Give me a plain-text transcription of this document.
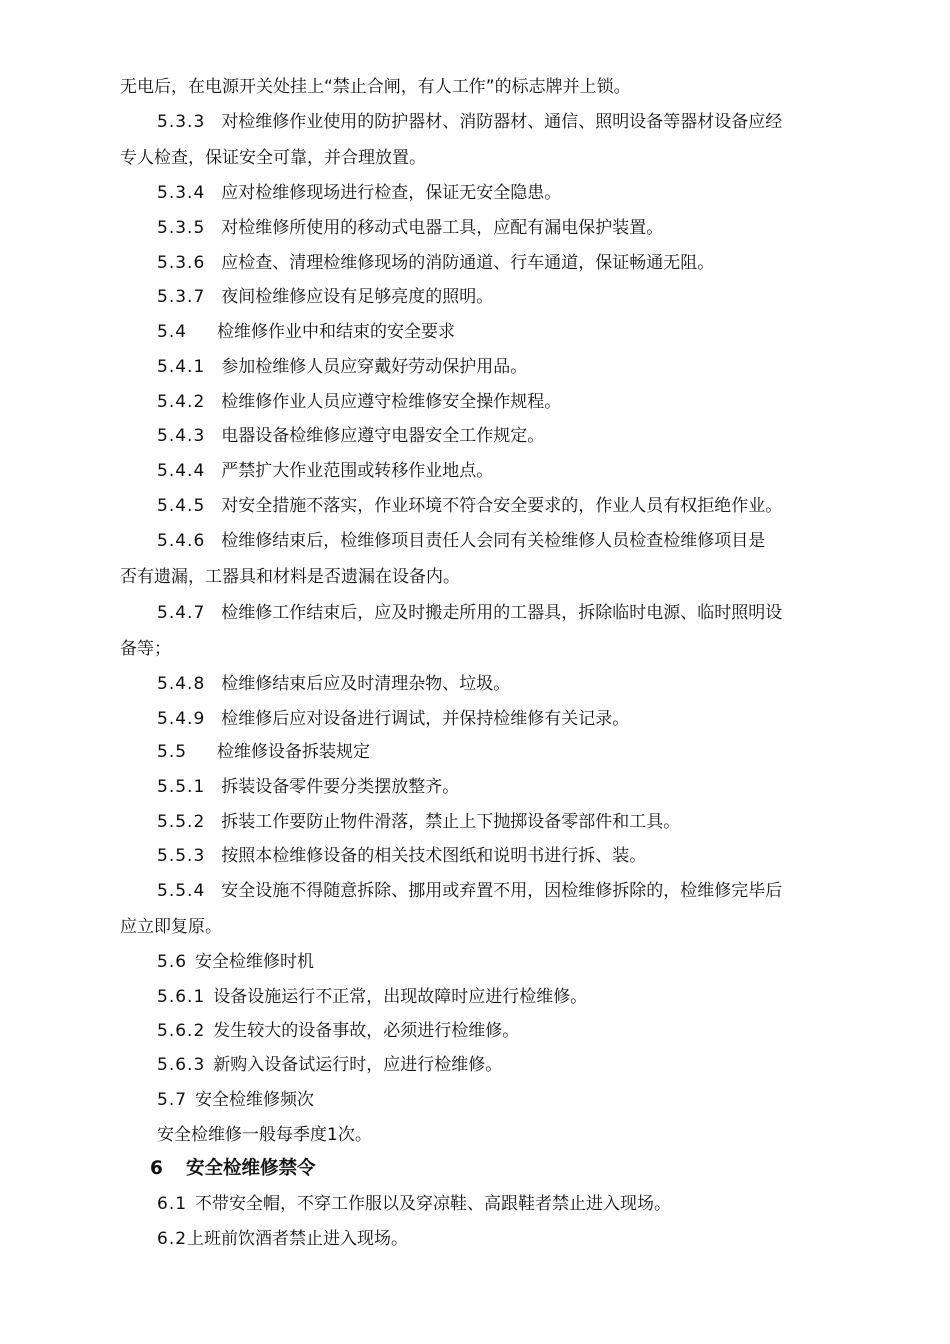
无电后，在电源开关处挂上“禁止合闸，有人工作”的标志牌并上锁。
5.3.3 对检维修作业使用的防护器材、消防器材、通信、照明设备等器材设备应经
专人检查，保证安全可靠，并合理放置。
5.3.4 应对检维修现场进行检查，保证无安全隐患。
5.3.5 对检维修所使用的移动式电器工具，应配有漏电保护装置。
5.3.6 应检查、清理检维修现场的消防通道、行车通道，保证畅通无阻。
5.3.7 夜间检维修应设有足够亮度的照明。
5.4 检维修作业中和结束的安全要求
5.4.1 参加检维修人员应穿戴好劳动保护用品。
5.4.2 检维修作业人员应遵守检维修安全操作规程。
5.4.3 电器设备检维修应遵守电器安全工作规定。
5.4.4 严禁扩大作业范围或转移作业地点。
5.4.5 对安全措施不落实，作业环境不符合安全要求的，作业人员有权拒绝作业。
5.4.6 检维修结束后，检维修项目责任人会同有关检维修人员检查检维修项目是
否有遗漏，工器具和材料是否遗漏在设备内。
5.4.7 检维修工作结束后，应及时搬走所用的工器具，拆除临时电源、临时照明设
备等；
5.4.8 检维修结束后应及时清理杂物、垃圾。
5.4.9 检维修后应对设备进行调试，并保持检维修有关记录。
5.5 检维修设备拆装规定
5.5.1 拆装设备零件要分类摆放整齐。
5.5.2 拆装工作要防止物件滑落，禁止上下抛掷设备零部件和工具。
5.5.3 按照本检维修设备的相关技术图纸和说明书进行拆、装。
5.5.4 安全设施不得随意拆除、挪用或弃置不用，因检维修拆除的，检维修完毕后
应立即复原。
5.6 安全检维修时机
5.6.1 设备设施运行不正常，出现故障时应进行检维修。
5.6.2 发生较大的设备事故，必须进行检维修。
5.6.3 新购入设备试运行时，应进行检维修。
5.7 安全检维修频次
安全检维修一般每季度1次。
6 安全检维修禁令
6.1 不带安全帽，不穿工作服以及穿凉鞋、高跟鞋者禁止进入现场。
6.2上班前饮酒者禁止进入现场。
